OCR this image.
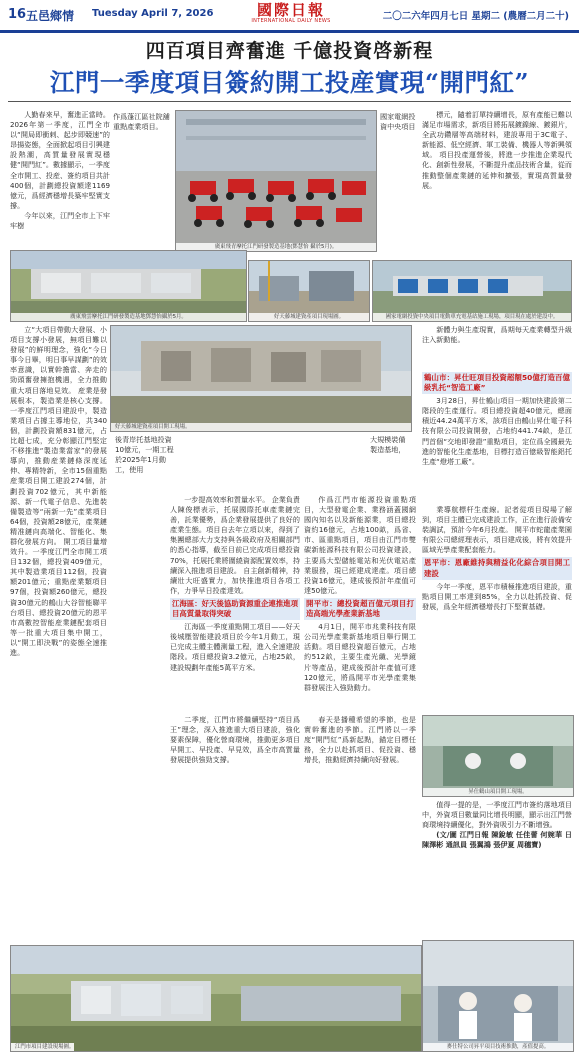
16 五邑鄉情 Tuesday April 7, 2026	國際日報
INTERNATIONAL DAILY NEWS	二〇二六年四月七日 星期二 (農曆二月二十)
四百項目齊奮進 千億投資啓新程
江門一季度項目簽約開工投産實現“開門紅”

人勤春來早，奮進正當時。2026年第一季度，江門全市以“開局即衝刺、起步即競速”的昂揚姿態，全面掀起項目引興建設熱潮，高質量發展實現穩健“開門紅”。數據顯示，一季度全市開工、投産、簽約項目共計400個，計劃總投資額達1169億元，爲經濟穩增長築牢堅實支撐。

今年以來，江門全市上下牢牢樹

廣東飛青摩托江門研發製造基地(鄧慧怡 攝於5月)。

作爲蓬江區社院舖重點產業項目。

國家電網投資中央項目

標元，隨着訂單持續增長，原有產能已難以滿足市場需求，新項目將拓展鍍鎳線、鍍銀片，全武功鑽層等高端材料，建設專用于3C電子、新能源、低空經濟、軍工裝備、機器人等新興領域。 項目投產運營後，將進一步推進企業現代化、創新性發展，不斷提升產品技術含量，從而推動整個產業鏈的延伸和擴張，實現高質量發展。

廣東飛雲摩托江門研發製造基地鄧慧怡攝於5月。	好天藤城建資產項目現場圖。	國家電網投資中央項目電動車充電基站施工現場，項目現在處於建設中。
好天藤城建資產項目開工現場。

立“大項目帶動大發展、小項目支撐小發展，無項目難以發展”的鮮明理念，強化“今日事今日畢，明日事早謀劃”的效率意識，以實幹擔當、奔走的勁頭奮發擁抱機遇，全力推動重大項目落地見效。 産業是發展根本，製造業是核心支撐。一季度江門項目建設中，製造業項目占據主導地位，共340個，計劃投資額831億元，占比超七成，充分彰顯江門堅定不移推進“製造業當家”的發展導向，推動産業鏈條深度延伸、專精特新，全市15個重點産業項目開工建設274個，計劃投資702億元，其中新能源、新一代電子信息、先進裝備製造等“兩新一先”產業項目64個，投資額28億元，產業鏈精准鏈向高端化、智能化、集群化發展方向。 開工項目量增效升。一季度江門全市開工項目132個，總投資409億元，其中製造業項目112個，投資額201億元；重點産業類項目97個，投資額260億元，總投資30億元的鶴山大谷智能聯平台項目、總投資20億元的恩平市高數控智能産業鏈配套項目等一批重大項目集中開工，以“開工即決戰”的姿態全速推進。

新體力與生產現實，爲期每天產業轉型升級注入新動能。

鶴山市：昇仕旺項目投資超額50億打造百億級乳托“智造工廠”

3月28日，昇仕鶴山項目一期加快建設第二階段的生產運行。項目總投資超40億元，總面積近44.24萬平方米，該項目由鶴山昇仕電子科技有限公司投資開發，占地約441.74畝，是江門首個“交地即發證”重點項目，定位爲全國最先進的智能化生產基地，目標打造百億級智能鋁托生產“燈塔工廠”。

後青岸托基地投資10億元，一期工程於2025年1月動工，使用

大規模裝備製造基地，

一步提高效率和質量水平。 企業負責人陳俊標表示，托展國際托車產業鏈完善，託業優勢，爲企業發展提供了良好的產業生態。項目自去年立項以來，得到了集團總部大力支持與各級政府及相關部門的悉心指導，截至目前已完成項目總投資70%，托展托業將圍繞資源配置效率，持續深入推進項目建設。 自主創新精神，持續壯大旺盛實力，加快推進項目各項工作，力爭早日投產達效。

江海區：好天後協助資源重企連推進項目高質量取得突破

江海區一季度重點開工項目——好天後城壓智能建設項目於今年1月動工，現已完成主體主體測量工程，進入全速建設階段。項目總投資3.2億元，占地25畝，建設規劃年產能5萬平方米。

作爲江門市能源投資重點項目，大型發電企業、業務涵蓋國網國內知名以及新能源業，項目總投資約16億元，占地100畝，爲省、市、區重點項目，項目由江門市雙碳新能源科技有限公司投資建設，主要爲大型儲能電站和光伏電站產業服務，現已經建成達產。項目總投資16億元，建成後預計年產值可達50億元。

開平市：總投資超百億元項目打造高端光學產業新基地

4月1日，開平市兆業科技有限公司光學產業新基地項目舉行開工活動。項目總投資超百億元，占地約512畝，主要生產光纖、光學鏡片等產品，建成後預計年產值可達120億元，將爲開平市光學產業集群發展注入強勁動力。

業導航標杆生產線。記者從項目現場了解到，項目主體已完成建設工作，正在進行設備安裝調試，預計今年6月投產。 開平市蛇龍產業園有限公司總經理表示，項目建成後，將有效提升區域光學產業配套能力。

恩平市：恩廠維持與精益化化綜合項目開工建設

今年一季度，恩平市積極推進項目建設，重點項目開工率達到85%，全力以赴抓投資、促發展，爲全年經濟穩增長打下堅實基礎。

昇仕鶴山項目開工現場。

二季度，江門市將繼續堅持“項目爲王”理念，深入推進重大項目建設，強化要素保障，優化營商環境，推動更多項目早開工、早投產、早見效，爲全市高質量發展提供強勁支撐。

春天是播種希望的季節，也是實幹奮進的季節。江門將以一季度“開門紅”爲新起點，錨定目標任務，全力以赴抓項目、促投資、穩增長，推動經濟持續向好發展。

值得一提的是，一季度江門市簽約落地項目中，外資項目數量同比增長明顯，顯示出江門營商環境持續優化，對外資吸引力不斷增強。

(文/圖 江門日報 陳銳敏 任佳蕾 何婉華 日 陳澤彬 通訊員 張翼鴻 張伊夏 周穗寶)

江門市項目建設現場圖。	麥仕特公司昇平項目技術推動，產值提高。
